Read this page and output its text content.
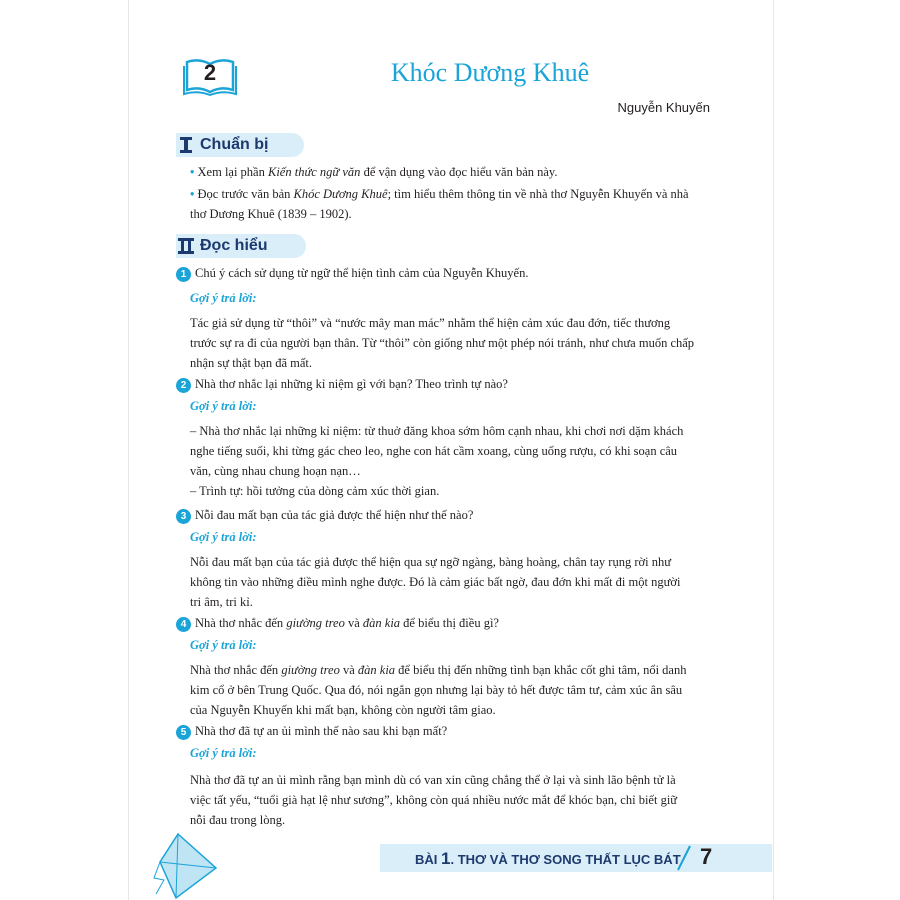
2	Khóc Dương Khuê
Nguyễn Khuyến
Chuẩn bị
• Xem lại phần Kiến thức ngữ văn để vận dụng vào đọc hiểu văn bản này.
• Đọc trước văn bản Khóc Dương Khuê; tìm hiểu thêm thông tin về nhà thơ Nguyễn Khuyến và nhà
thơ Dương Khuê (1839 – 1902).
Đọc hiểu
1 Chú ý cách sử dụng từ ngữ thể hiện tình cảm của Nguyễn Khuyến.
Gợi ý trả lời:
Tác giả sử dụng từ “thôi” và “nước mây man mác” nhằm thể hiện cảm xúc đau đớn, tiếc thương
trước sự ra đi của người bạn thân. Từ “thôi” còn giống như một phép nói tránh, như chưa muốn chấp
nhận sự thật bạn đã mất.
2 Nhà thơ nhắc lại những kỉ niệm gì với bạn? Theo trình tự nào?
Gợi ý trả lời:
– Nhà thơ nhắc lại những kỉ niệm: từ thuở đăng khoa sớm hôm cạnh nhau, khi chơi nơi dặm khách
nghe tiếng suối, khi từng gác cheo leo, nghe con hát cầm xoang, cùng uống rượu, có khi soạn câu
văn, cùng nhau chung hoạn nạn…
– Trình tự: hồi tưởng của dòng cảm xúc thời gian.
3 Nỗi đau mất bạn của tác giả được thể hiện như thế nào?
Gợi ý trả lời:
Nỗi đau mất bạn của tác giả được thể hiện qua sự ngỡ ngàng, bàng hoàng, chân tay rụng rời như
không tin vào những điều mình nghe được. Đó là cảm giác bất ngờ, đau đớn khi mất đi một người
tri âm, tri kỉ.
4 Nhà thơ nhắc đến giường treo và đàn kia để biểu thị điều gì?
Gợi ý trả lời:
Nhà thơ nhắc đến giường treo và đàn kia để biểu thị đến những tình bạn khắc cốt ghi tâm, nổi danh
kim cổ ở bên Trung Quốc. Qua đó, nói ngắn gọn nhưng lại bày tỏ hết được tâm tư, cảm xúc ân sâu
của Nguyễn Khuyến khi mất bạn, không còn người tâm giao.
5 Nhà thơ đã tự an ủi mình thế nào sau khi bạn mất?
Gợi ý trả lời:
Nhà thơ đã tự an ủi mình rằng bạn mình dù có van xin cũng chẳng thể ở lại và sinh lão bệnh tử là
việc tất yếu, “tuổi già hạt lệ như sương”, không còn quá nhiều nước mắt để khóc bạn, chỉ biết giữ
nỗi đau trong lòng.
BÀI 1. THƠ VÀ THƠ SONG THẤT LỤC BÁT 7
